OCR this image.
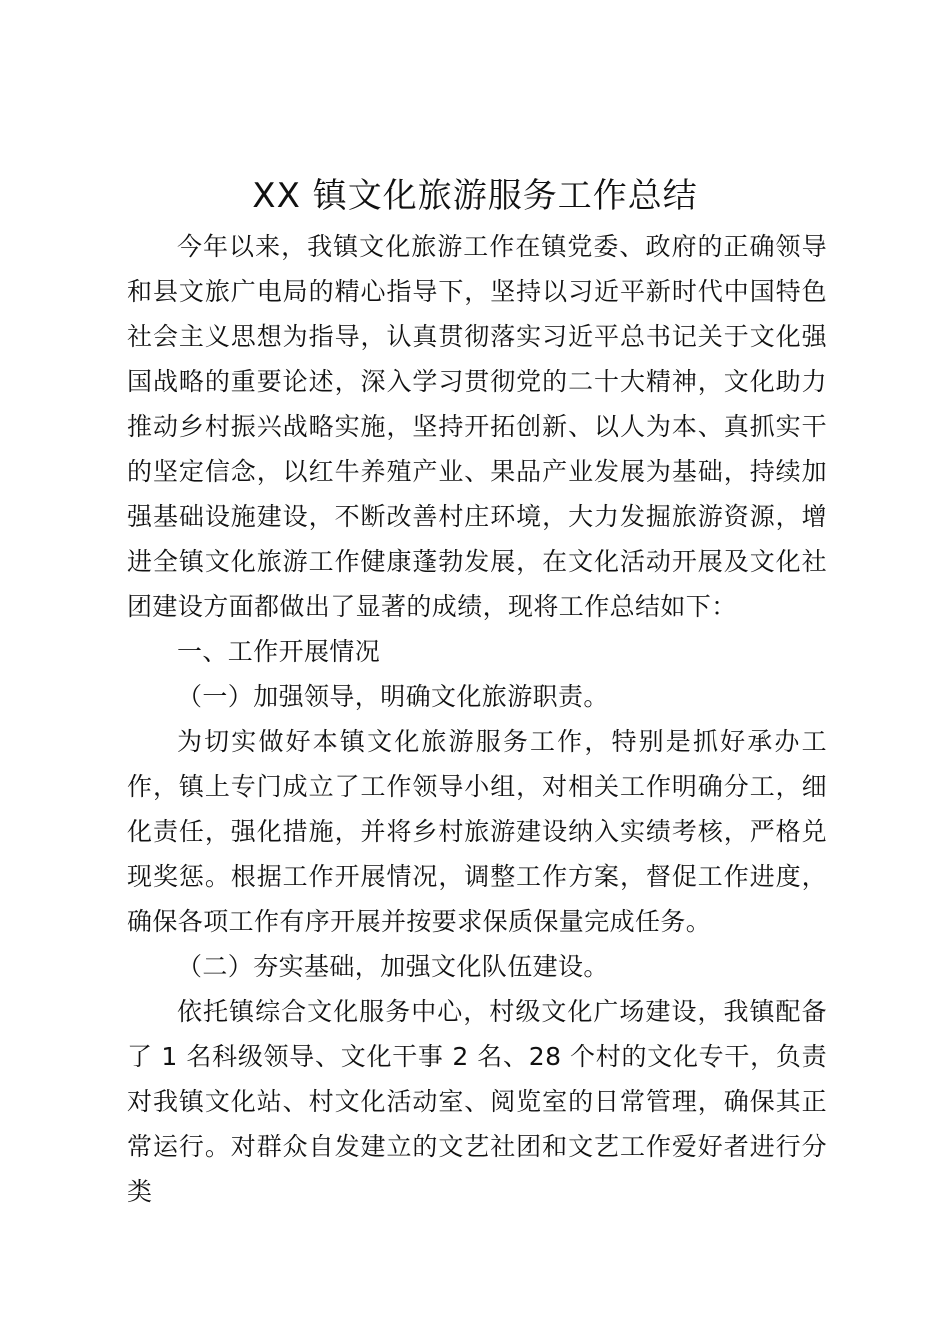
XX 镇文化旅游服务工作总结

今年以来，我镇文化旅游工作在镇党委、政府的正确领导和县文旅广电局的精心指导下，坚持以习近平新时代中国特色社会主义思想为指导，认真贯彻落实习近平总书记关于文化强国战略的重要论述，深入学习贯彻党的二十大精神，文化助力推动乡村振兴战略实施，坚持开拓创新、以人为本、真抓实干的坚定信念，以红牛养殖产业、果品产业发展为基础，持续加强基础设施建设，不断改善村庄环境，大力发掘旅游资源，增进全镇文化旅游工作健康蓬勃发展，在文化活动开展及文化社团建设方面都做出了显著的成绩，现将工作总结如下：

一、工作开展情况

（一）加强领导，明确文化旅游职责。

为切实做好本镇文化旅游服务工作，特别是抓好承办工作，镇上专门成立了工作领导小组，对相关工作明确分工，细化责任，强化措施，并将乡村旅游建设纳入实绩考核，严格兑现奖惩。根据工作开展情况，调整工作方案，督促工作进度，确保各项工作有序开展并按要求保质保量完成任务。

（二）夯实基础，加强文化队伍建设。

依托镇综合文化服务中心，村级文化广场建设，我镇配备了 1 名科级领导、文化干事 2 名、28 个村的文化专干，负责对我镇文化站、村文化活动室、阅览室的日常管理，确保其正常运行。对群众自发建立的文艺社团和文艺工作爱好者进行分类
